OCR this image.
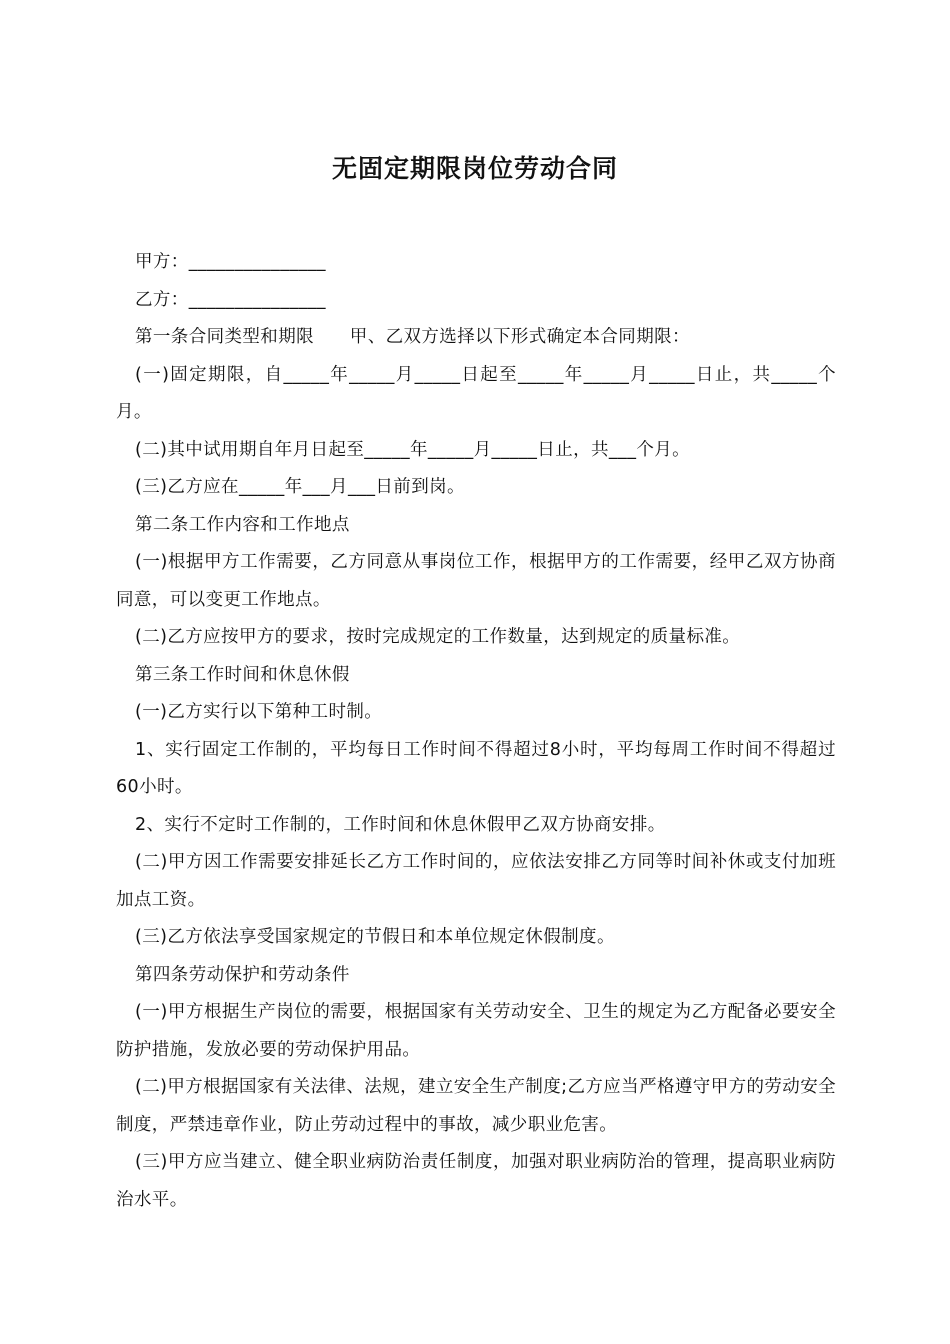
无固定期限岗位劳动合同

甲方：_______________

乙方：_______________

第一条合同类型和期限　　甲、乙双方选择以下形式确定本合同期限：

(一)固定期限，自_____年_____月_____日起至_____年_____月_____日止，共_____个月。

(二)其中试用期自年月日起至_____年_____月_____日止，共___个月。

(三)乙方应在_____年___月___日前到岗。

第二条工作内容和工作地点

(一)根据甲方工作需要，乙方同意从事岗位工作，根据甲方的工作需要，经甲乙双方协商同意，可以变更工作地点。

(二)乙方应按甲方的要求，按时完成规定的工作数量，达到规定的质量标准。

第三条工作时间和休息休假

(一)乙方实行以下第种工时制。

1、实行固定工作制的，平均每日工作时间不得超过8小时，平均每周工作时间不得超过60小时。

2、实行不定时工作制的，工作时间和休息休假甲乙双方协商安排。

(二)甲方因工作需要安排延长乙方工作时间的，应依法安排乙方同等时间补休或支付加班加点工资。

(三)乙方依法享受国家规定的节假日和本单位规定休假制度。

第四条劳动保护和劳动条件

(一)甲方根据生产岗位的需要，根据国家有关劳动安全、卫生的规定为乙方配备必要安全防护措施，发放必要的劳动保护用品。

(二)甲方根据国家有关法律、法规，建立安全生产制度;乙方应当严格遵守甲方的劳动安全制度，严禁违章作业，防止劳动过程中的事故，减少职业危害。

(三)甲方应当建立、健全职业病防治责任制度，加强对职业病防治的管理，提高职业病防治水平。
